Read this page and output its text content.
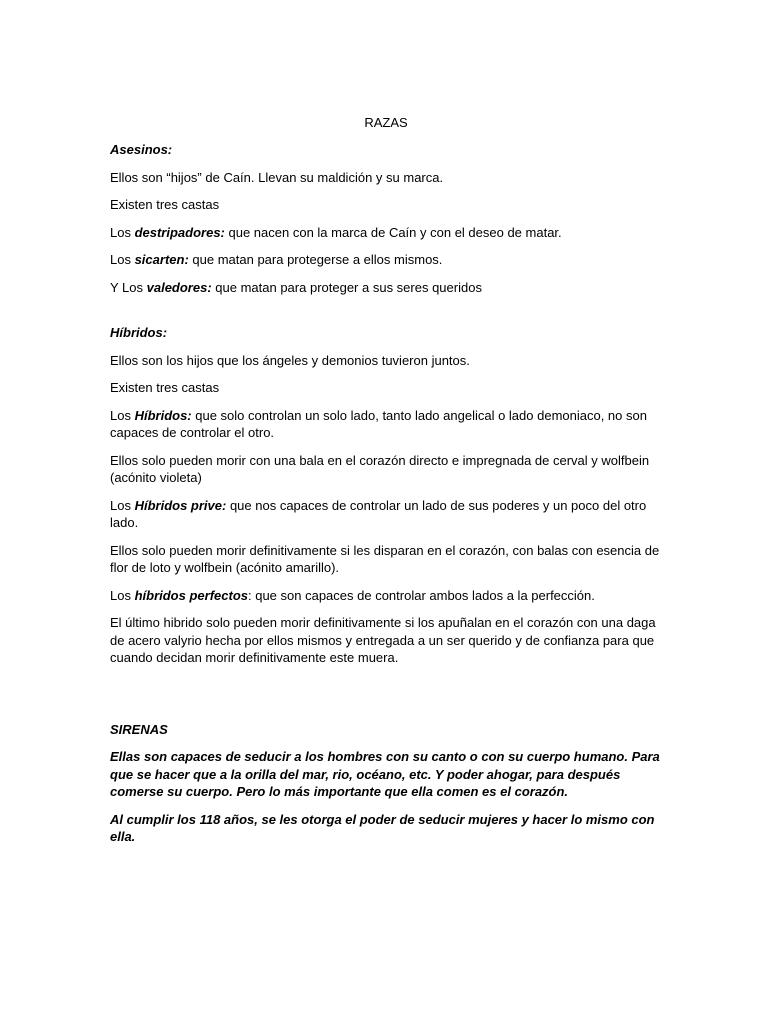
RAZAS

Asesinos:

Ellos son “hijos” de Caín. Llevan su maldición y su marca.

Existen tres castas

Los destripadores: que nacen con la marca de Caín y con el deseo de matar.

Los sicarten: que matan para protegerse a ellos mismos.

Y Los valedores: que matan para proteger a sus seres queridos

Híbridos:

Ellos son los hijos que los ángeles y demonios tuvieron juntos.

Existen tres castas

Los Híbridos: que solo controlan un solo lado, tanto lado angelical o lado demoniaco, no son capaces de controlar el otro.

Ellos solo pueden morir con una bala en el corazón directo e impregnada de cerval y wolfbein (acónito violeta)

Los Híbridos prive: que nos capaces de controlar un lado de sus poderes y un poco del otro lado.

Ellos solo pueden morir definitivamente si les disparan en el corazón, con balas con esencia de flor de loto y wolfbein (acónito amarillo).

Los híbridos perfectos: que son capaces de controlar ambos lados a la perfección.

El último hibrido solo pueden morir definitivamente si los apuñalan en el corazón con una daga de acero valyrio hecha por ellos mismos y entregada a un ser querido y de confianza para que cuando decidan morir definitivamente este muera.

SIRENAS

Ellas son capaces de seducir a los hombres con su canto o con su cuerpo humano. Para que se hacer que a la orilla del mar, rio, océano, etc. Y poder ahogar, para después comerse su cuerpo. Pero lo más importante que ella comen es el corazón.

Al cumplir los 118 años, se les otorga el poder de seducir mujeres y hacer lo mismo con ella.
